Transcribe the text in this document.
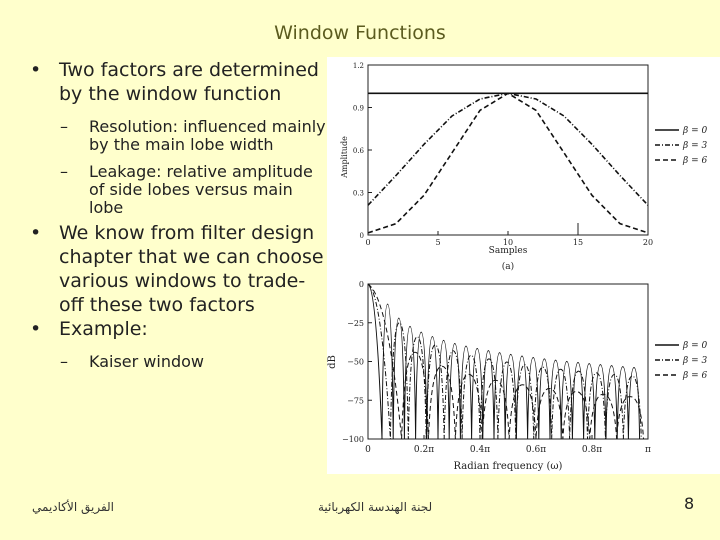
Window Functions
• Two factors are determined by the window function
– Resolution: influenced mainly by the main lobe width
– Leakage: relative amplitude of side lobes versus main lobe
• We know from filter design chapter that we can choose various windows to trade-off these two factors
• Example:
– Kaiser window
0	5	10	15	20
0
0.3
0.6
0.9
1.2
Amplitude
Samples
(a)
β = 0
β = 3
β = 6
0	0.2π	0.4π	0.6π	0.8π	π
0
−25
−50
−75
−100
dB
Radian frequency (ω)
β = 0
β = 3
β = 6
الفريق الأكاديمي	لجنة الهندسة الكهربائية	8
